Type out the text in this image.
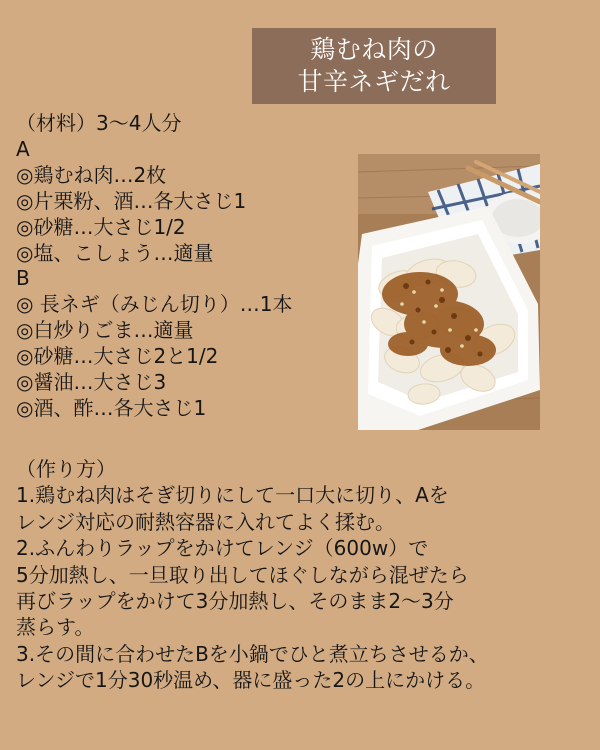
鶏むね肉の
甘辛ネギだれ
（材料）3〜4人分
A
◎鶏むね肉…2枚
◎片栗粉、酒…各大さじ1
◎砂糖…大さじ1/2
◎塩、こしょう…適量
B
◎ 長ネギ（みじん切り）…1本
◎白炒りごま…適量
◎砂糖…大さじ2と1/2
◎醤油…大さじ3
◎酒、酢…各大さじ1
（作り方）
1.鶏むね肉はそぎ切りにして一口大に切り、Aを
レンジ対応の耐熱容器に入れてよく揉む。
2.ふんわりラップをかけてレンジ（600w）で
5分加熱し、一旦取り出してほぐしながら混ぜたら
再びラップをかけて3分加熱し、そのまま2〜3分
蒸らす。
3.その間に合わせたBを小鍋でひと煮立ちさせるか、
レンジで1分30秒温め、器に盛った2の上にかける。
